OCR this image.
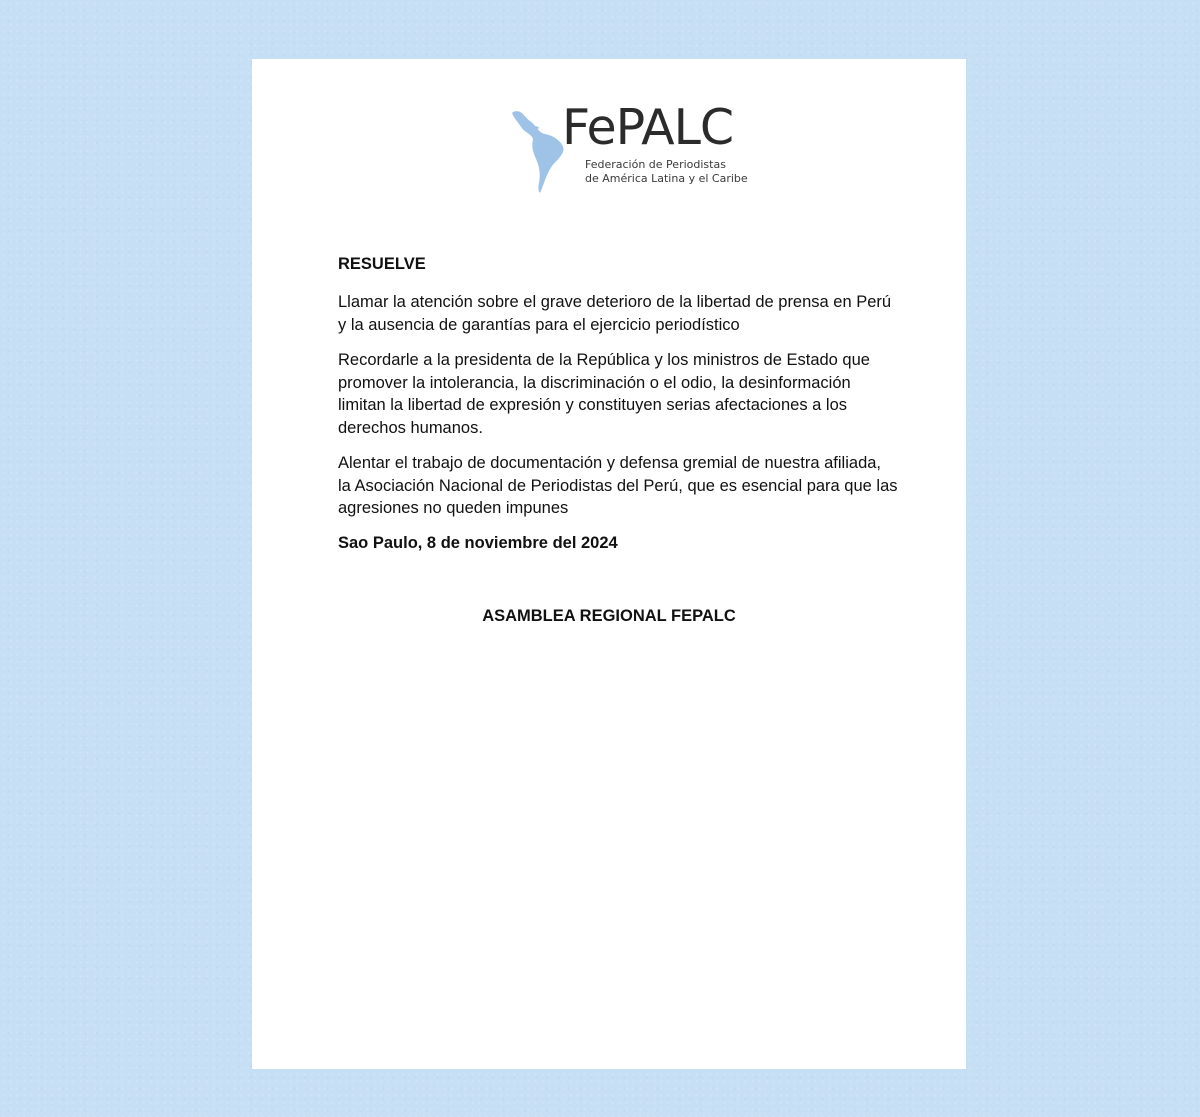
FePALC
Federación de Periodistas
de América Latina y el Caribe

RESUELVE

Llamar la atención sobre el grave deterioro de la libertad de prensa en Perú y la ausencia de garantías para el ejercicio periodístico

Recordarle a la presidenta de la República y los ministros de Estado que promover la intolerancia, la discriminación o el odio, la desinformación limitan la libertad de expresión y constituyen serias afectaciones a los derechos humanos.

Alentar el trabajo de documentación y defensa gremial de nuestra afiliada, la Asociación Nacional de Periodistas del Perú, que es esencial para que las agresiones no queden impunes

Sao Paulo, 8 de noviembre del 2024

ASAMBLEA REGIONAL FEPALC
